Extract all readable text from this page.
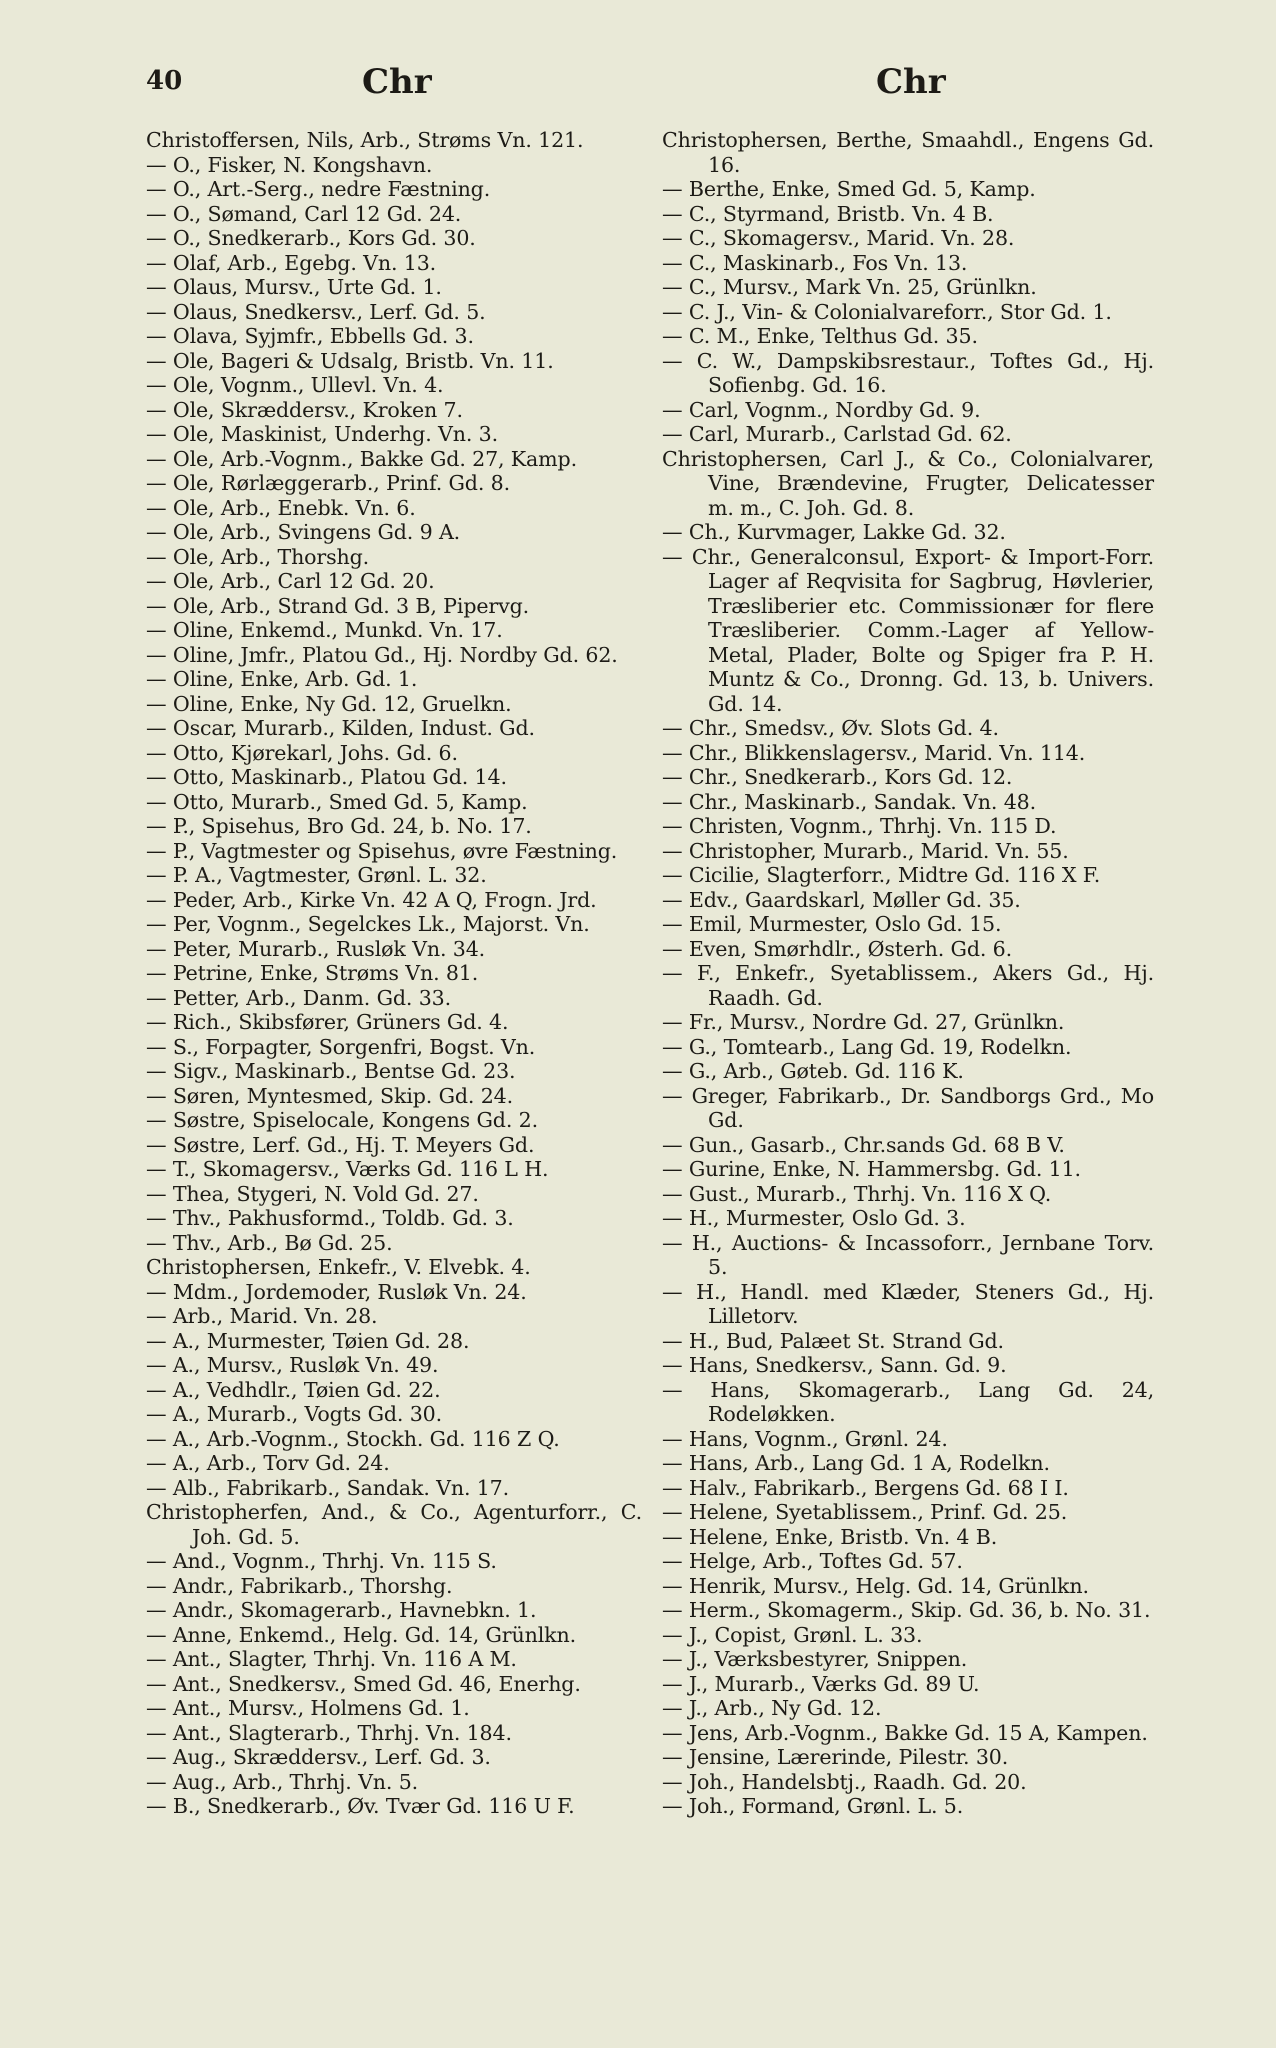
40	Chr	Chr
Christoffersen, Nils, Arb., Strøms Vn. 121.
— O., Fisker, N. Kongshavn.
— O., Art.-Serg., nedre Fæstning.
— O., Sømand, Carl 12 Gd. 24.
— O., Snedkerarb., Kors Gd. 30.
— Olaf, Arb., Egebg. Vn. 13.
— Olaus, Mursv., Urte Gd. 1.
— Olaus, Snedkersv., Lerf. Gd. 5.
— Olava, Syjmfr., Ebbells Gd. 3.
— Ole, Bageri & Udsalg, Bristb. Vn. 11.
— Ole, Vognm., Ullevl. Vn. 4.
— Ole, Skræddersv., Kroken 7.
— Ole, Maskinist, Underhg. Vn. 3.
— Ole, Arb.-Vognm., Bakke Gd. 27, Kamp.
— Ole, Rørlæggerarb., Prinf. Gd. 8.
— Ole, Arb., Enebk. Vn. 6.
— Ole, Arb., Svingens Gd. 9 A.
— Ole, Arb., Thorshg.
— Ole, Arb., Carl 12 Gd. 20.
— Ole, Arb., Strand Gd. 3 B, Pipervg.
— Oline, Enkemd., Munkd. Vn. 17.
— Oline, Jmfr., Platou Gd., Hj. Nordby Gd. 62.
— Oline, Enke, Arb. Gd. 1.
— Oline, Enke, Ny Gd. 12, Gruelkn.
— Oscar, Murarb., Kilden, Indust. Gd.
— Otto, Kjørekarl, Johs. Gd. 6.
— Otto, Maskinarb., Platou Gd. 14.
— Otto, Murarb., Smed Gd. 5, Kamp.
— P., Spisehus, Bro Gd. 24, b. No. 17.
— P., Vagtmester og Spisehus, øvre Fæstning.
— P. A., Vagtmester, Grønl. L. 32.
— Peder, Arb., Kirke Vn. 42 A Q, Frogn. Jrd.
— Per, Vognm., Segelckes Lk., Majorst. Vn.
— Peter, Murarb., Rusløk Vn. 34.
— Petrine, Enke, Strøms Vn. 81.
— Petter, Arb., Danm. Gd. 33.
— Rich., Skibsfører, Grüners Gd. 4.
— S., Forpagter, Sorgenfri, Bogst. Vn.
— Sigv., Maskinarb., Bentse Gd. 23.
— Søren, Myntesmed, Skip. Gd. 24.
— Søstre, Spiselocale, Kongens Gd. 2.
— Søstre, Lerf. Gd., Hj. T. Meyers Gd.
— T., Skomagersv., Værks Gd. 116 L H.
— Thea, Stygeri, N. Vold Gd. 27.
— Thv., Pakhusformd., Toldb. Gd. 3.
— Thv., Arb., Bø Gd. 25.
Christophersen, Enkefr., V. Elvebk. 4.
— Mdm., Jordemoder, Rusløk Vn. 24.
— Arb., Marid. Vn. 28.
— A., Murmester, Tøien Gd. 28.
— A., Mursv., Rusløk Vn. 49.
— A., Vedhdlr., Tøien Gd. 22.
— A., Murarb., Vogts Gd. 30.
— A., Arb.-Vognm., Stockh. Gd. 116 Z Q.
— A., Arb., Torv Gd. 24.
— Alb., Fabrikarb., Sandak. Vn. 17.
Christopherfen, And., & Co., Agenturforr., C. Joh. Gd. 5.
— And., Vognm., Thrhj. Vn. 115 S.
— Andr., Fabrikarb., Thorshg.
— Andr., Skomagerarb., Havnebkn. 1.
— Anne, Enkemd., Helg. Gd. 14, Grünlkn.
— Ant., Slagter, Thrhj. Vn. 116 A M.
— Ant., Snedkersv., Smed Gd. 46, Enerhg.
— Ant., Mursv., Holmens Gd. 1.
— Ant., Slagterarb., Thrhj. Vn. 184.
— Aug., Skræddersv., Lerf. Gd. 3.
— Aug., Arb., Thrhj. Vn. 5.
— B., Snedkerarb., Øv. Tvær Gd. 116 U F.
Christophersen, Berthe, Smaahdl., Engens Gd. 16.
— Berthe, Enke, Smed Gd. 5, Kamp.
— C., Styrmand, Bristb. Vn. 4 B.
— C., Skomagersv., Marid. Vn. 28.
— C., Maskinarb., Fos Vn. 13.
— C., Mursv., Mark Vn. 25, Grünlkn.
— C. J., Vin- & Colonialvareforr., Stor Gd. 1.
— C. M., Enke, Telthus Gd. 35.
— C. W., Dampskibsrestaur., Toftes Gd., Hj. Sofienbg. Gd. 16.
— Carl, Vognm., Nordby Gd. 9.
— Carl, Murarb., Carlstad Gd. 62.
Christophersen, Carl J., & Co., Colonialvarer, Vine, Brændevine, Frugter, Delicatesser m. m., C. Joh. Gd. 8.
— Ch., Kurvmager, Lakke Gd. 32.
— Chr., Generalconsul, Export- & Import-Forr. Lager af Reqvisita for Sagbrug, Høvlerier, Træsliberier etc. Commissionær for flere Træsliberier. Comm.-Lager af Yellow-Metal, Plader, Bolte og Spiger fra P. H. Muntz & Co., Dronng. Gd. 13, b. Univers. Gd. 14.
— Chr., Smedsv., Øv. Slots Gd. 4.
— Chr., Blikkenslagersv., Marid. Vn. 114.
— Chr., Snedkerarb., Kors Gd. 12.
— Chr., Maskinarb., Sandak. Vn. 48.
— Christen, Vognm., Thrhj. Vn. 115 D.
— Christopher, Murarb., Marid. Vn. 55.
— Cicilie, Slagterforr., Midtre Gd. 116 X F.
— Edv., Gaardskarl, Møller Gd. 35.
— Emil, Murmester, Oslo Gd. 15.
— Even, Smørhdlr., Østerh. Gd. 6.
— F., Enkefr., Syetablissem., Akers Gd., Hj. Raadh. Gd.
— Fr., Mursv., Nordre Gd. 27, Grünlkn.
— G., Tomtearb., Lang Gd. 19, Rodelkn.
— G., Arb., Gøteb. Gd. 116 K.
— Greger, Fabrikarb., Dr. Sandborgs Grd., Mo Gd.
— Gun., Gasarb., Chr.sands Gd. 68 B V.
— Gurine, Enke, N. Hammersbg. Gd. 11.
— Gust., Murarb., Thrhj. Vn. 116 X Q.
— H., Murmester, Oslo Gd. 3.
— H., Auctions- & Incassoforr., Jernbane Torv. 5.
— H., Handl. med Klæder, Steners Gd., Hj. Lilletorv.
— H., Bud, Palæet St. Strand Gd.
— Hans, Snedkersv., Sann. Gd. 9.
— Hans, Skomagerarb., Lang Gd. 24, Rodeløkken.
— Hans, Vognm., Grønl. 24.
— Hans, Arb., Lang Gd. 1 A, Rodelkn.
— Halv., Fabrikarb., Bergens Gd. 68 I I.
— Helene, Syetablissem., Prinf. Gd. 25.
— Helene, Enke, Bristb. Vn. 4 B.
— Helge, Arb., Toftes Gd. 57.
— Henrik, Mursv., Helg. Gd. 14, Grünlkn.
— Herm., Skomagerm., Skip. Gd. 36, b. No. 31.
— J., Copist, Grønl. L. 33.
— J., Værksbestyrer, Snippen.
— J., Murarb., Værks Gd. 89 U.
— J., Arb., Ny Gd. 12.
— Jens, Arb.-Vognm., Bakke Gd. 15 A, Kampen.
— Jensine, Lærerinde, Pilestr. 30.
— Joh., Handelsbtj., Raadh. Gd. 20.
— Joh., Formand, Grønl. L. 5.
